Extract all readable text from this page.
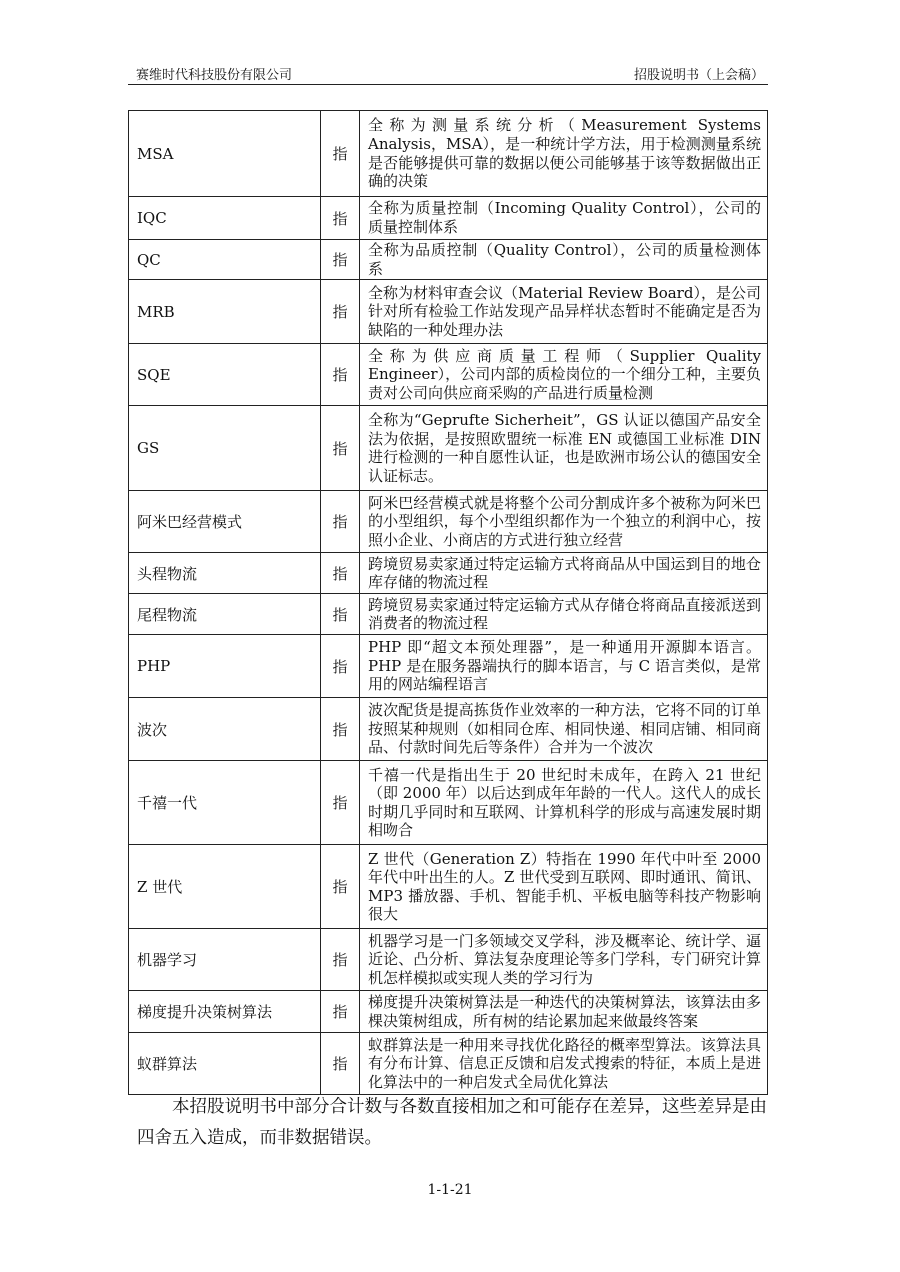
赛维时代科技股份有限公司	招股说明书（上会稿）
MSA	指	全称为测量系统分析（Measurement Systems Analysis，MSA），是一种统计学方法，用于检测测量系统是否能够提供可靠的数据以便公司能够基于该等数据做出正确的决策
IQC	指	全称为质量控制（Incoming Quality Control），公司的质量控制体系
QC	指	全称为品质控制（Quality Control），公司的质量检测体系
MRB	指	全称为材料审查会议（Material Review Board），是公司针对所有检验工作站发现产品异样状态暂时不能确定是否为缺陷的一种处理办法
SQE	指	全称为供应商质量工程师（Supplier Quality Engineer），公司内部的质检岗位的一个细分工种，主要负责对公司向供应商采购的产品进行质量检测
GS	指	全称为“Geprufte Sicherheit”，GS 认证以德国产品安全法为依据，是按照欧盟统一标准 EN 或德国工业标准 DIN 进行检测的一种自愿性认证，也是欧洲市场公认的德国安全认证标志。
阿米巴经营模式	指	阿米巴经营模式就是将整个公司分割成许多个被称为阿米巴的小型组织，每个小型组织都作为一个独立的利润中心，按照小企业、小商店的方式进行独立经营
头程物流	指	跨境贸易卖家通过特定运输方式将商品从中国运到目的地仓库存储的物流过程
尾程物流	指	跨境贸易卖家通过特定运输方式从存储仓将商品直接派送到消费者的物流过程
PHP	指	PHP 即“超文本预处理器”，是一种通用开源脚本语言。PHP 是在服务器端执行的脚本语言，与 C 语言类似，是常用的网站编程语言
波次	指	波次配货是提高拣货作业效率的一种方法，它将不同的订单按照某种规则（如相同仓库、相同快递、相同店铺、相同商品、付款时间先后等条件）合并为一个波次
千禧一代	指	千禧一代是指出生于 20 世纪时未成年，在跨入 21 世纪（即 2000 年）以后达到成年年龄的一代人。这代人的成长时期几乎同时和互联网、计算机科学的形成与高速发展时期相吻合
Z 世代	指	Z 世代（Generation Z）特指在 1990 年代中叶至 2000 年代中叶出生的人。Z 世代受到互联网、即时通讯、简讯、MP3 播放器、手机、智能手机、平板电脑等科技产物影响很大
机器学习	指	机器学习是一门多领域交叉学科，涉及概率论、统计学、逼近论、凸分析、算法复杂度理论等多门学科，专门研究计算机怎样模拟或实现人类的学习行为
梯度提升决策树算法	指	梯度提升决策树算法是一种迭代的决策树算法，该算法由多棵决策树组成，所有树的结论累加起来做最终答案
蚁群算法	指	蚁群算法是一种用来寻找优化路径的概率型算法。该算法具有分布计算、信息正反馈和启发式搜索的特征，本质上是进化算法中的一种启发式全局优化算法

本招股说明书中部分合计数与各数直接相加之和可能存在差异，这些差异是由四舍五入造成，而非数据错误。

1-1-21
